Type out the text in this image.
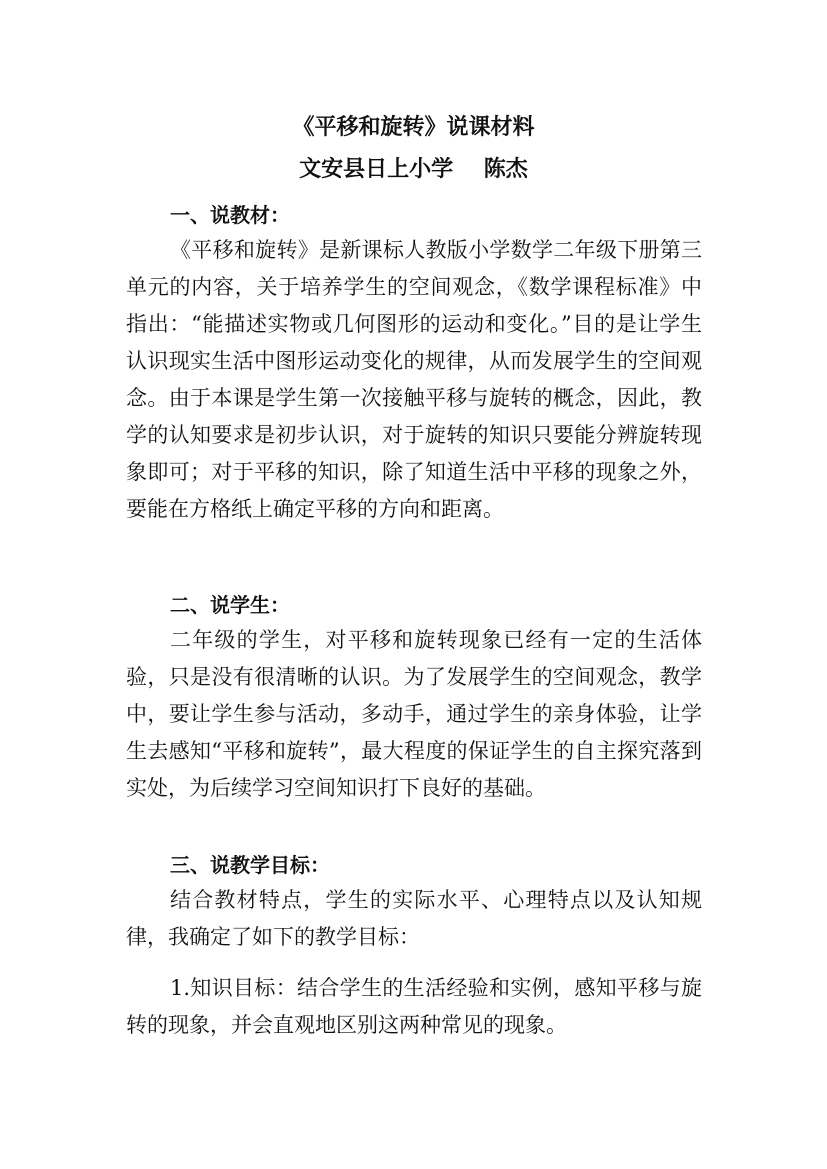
《平移和旋转》说课材料
文安县日上小学    陈杰
一、说教材：
《平移和旋转》是新课标人教版小学数学二年级下册第三单元的内容，关于培养学生的空间观念，《数学课程标准》中指出：“能描述实物或几何图形的运动和变化。”目的是让学生认识现实生活中图形运动变化的规律，从而发展学生的空间观念。由于本课是学生第一次接触平移与旋转的概念，因此，教学的认知要求是初步认识，对于旋转的知识只要能分辨旋转现象即可；对于平移的知识，除了知道生活中平移的现象之外，要能在方格纸上确定平移的方向和距离。
二、说学生：
二年级的学生，对平移和旋转现象已经有一定的生活体验，只是没有很清晰的认识。为了发展学生的空间观念，教学中，要让学生参与活动，多动手，通过学生的亲身体验，让学生去感知“平移和旋转”，最大程度的保证学生的自主探究落到实处，为后续学习空间知识打下良好的基础。
三、说教学目标：
结合教材特点，学生的实际水平、心理特点以及认知规律，我确定了如下的教学目标：
1.知识目标：结合学生的生活经验和实例，感知平移与旋转的现象，并会直观地区别这两种常见的现象。
